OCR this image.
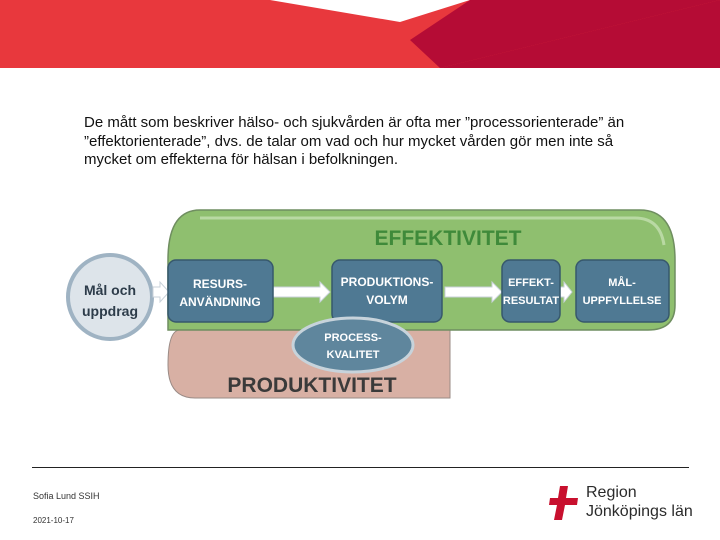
De mått som beskriver hälso- och sjukvården är ofta mer ”processorienterade” än ”effektorienterade”, dvs. de talar om vad och hur mycket vården gör men inte så mycket om effekterna för hälsan i befolkningen.
EFFEKTIVITET
PRODUKTIVITET
Mål och
uppdrag
RESURS-
ANVÄNDNING
PRODUKTIONS-
VOLYM
EFFEKT-
RESULTAT
MÅL-
UPPFYLLELSE
PROCESS-
KVALITET
Sofia Lund SSIH
2021-10-17
Region
Jönköpings län
